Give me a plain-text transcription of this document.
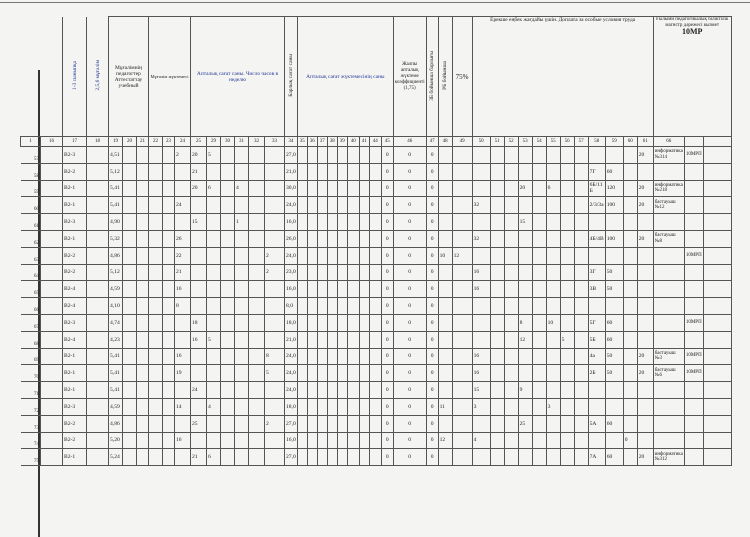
		1-3 сыныпқа	2,5,6 мұғалім	Мұғалімнің педагогтер Аттестаттау учебный			Мұғалім жүктемесі			Апталық сағат саны. Число часов в неделю						Барлық сағат саны	Апталық сағат жүктемесінің саны									Жалпы апталық жүктеме коэффициенті (1,75)	3Б бойынша барлығы	РБ бойынша	75%	Ерекше еңбек жағдайы үшін. Доплата за особые условия труда												Ғылыми педагогикалық біліктілік магистр дәрежесі кызмет
10МР		

1	16	17	18	19	20	21	22	23	24	25	29	30	31	32	33	34	35	36	37	38	39	40	41	44	45	46	47	48	49	50	51	52	53	54	55	56	57	58	59	60	61	66		
57		В2-3		4,51					2	20	5					27,0									0	0	0														20	информатика №314	10МРП	
58		В2-2		5,12						21						21,0									0	0	0											7Г	60					
59		В2-1		5,41						20	6		4			30,0									0	0	0						20		6			6Б/11 Б	120		20	информатика №218		
60		В2-1		5,41					24							24,0									0	0	0			32								2/3/3а	100		20	бастауыш №12		
61		В2-3		4,90						15			1			16,0									0	0	0						15											
62		В2-1		5,32					26							26,0									0	0	0			32								4Б/4В	100		20	бастауыш №8		
63		В2-2		4,86					22						2	24,0									0	0	0	10	12														10МРП	
64		В2-2		5,12					21						2	23,0									0	0	0			16								3Г	50					
65		В2-4		4,59					16							16,0									0	0	0			16								3В	50					
66		В2-4		4,10					8							8,0									0	0	0																	
67		В2-3		4,74						18						18,0									0	0	0						8		10			5Г	60				10МРП	
68		В2-4		4,23						16	5					21,0									0	0	0						12			5		5Б	60					
69		В2-1		5,41					16						8	24,0									0	0	0			16								4а	50		20	бастауыш №3	10МРП	
70		В2-1		5,41					19						5	24,0									0	0	0			16								2Б	50		20	бастауыш №6	10МРП	
71		В2-1		5,41						24						24,0									0	0	0			15			9											
72		В2-3		4,59					14		4					18,0									0	0	0	11		3					3									
73		В2-2		4,86						25					2	27,0									0	0	0						25					5А	60					
74		В2-2		5,20					16							16,0									0	0	0	12		4										0				
75		В2-1		5,24						21	6					27,0									0	0	0											7А	60		20	информатика №312		
